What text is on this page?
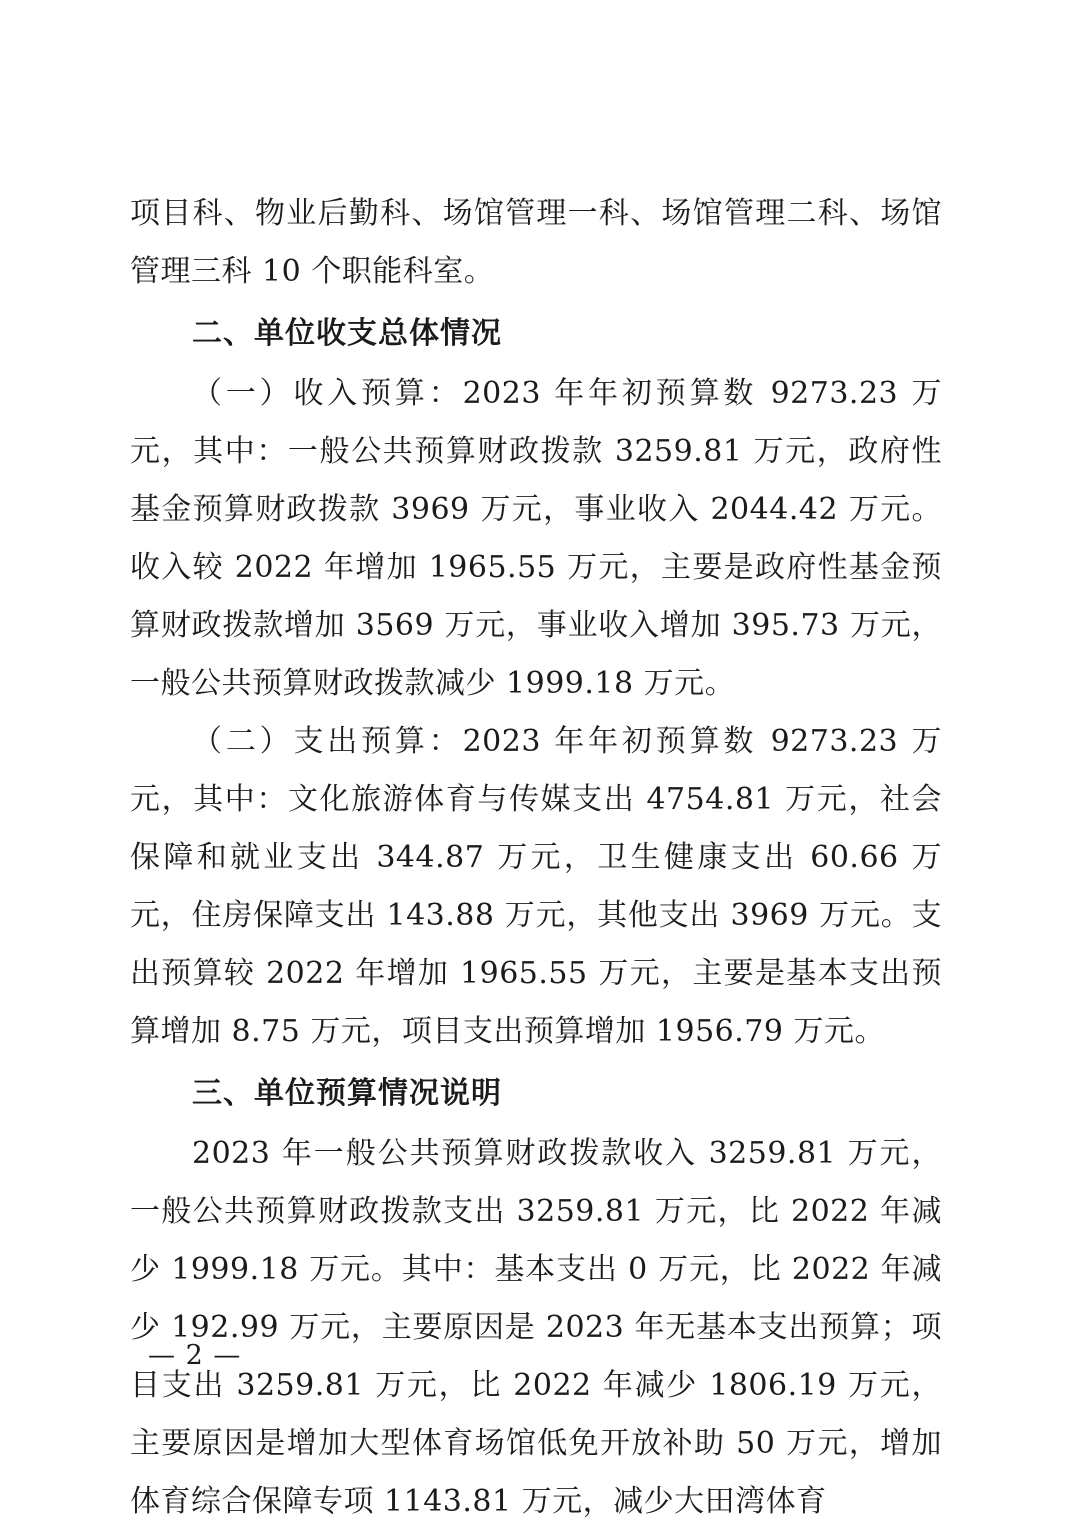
项目科、物业后勤科、场馆管理一科、场馆管理二科、场馆管理三科 10 个职能科室。

二、单位收支总体情况

（一）收入预算：2023 年年初预算数 9273.23 万元，其中：一般公共预算财政拨款 3259.81 万元，政府性基金预算财政拨款 3969 万元，事业收入 2044.42 万元。收入较 2022 年增加 1965.55 万元，主要是政府性基金预算财政拨款增加 3569 万元，事业收入增加 395.73 万元，一般公共预算财政拨款减少 1999.18 万元。

（二）支出预算：2023 年年初预算数 9273.23 万元，其中：文化旅游体育与传媒支出 4754.81 万元，社会保障和就业支出 344.87 万元，卫生健康支出 60.66 万元，住房保障支出 143.88 万元，其他支出 3969 万元。支出预算较 2022 年增加 1965.55 万元，主要是基本支出预算增加 8.75 万元，项目支出预算增加 1956.79 万元。

三、单位预算情况说明

2023 年一般公共预算财政拨款收入 3259.81 万元，一般公共预算财政拨款支出 3259.81 万元，比 2022 年减少 1999.18 万元。其中：基本支出 0 万元，比 2022 年减少 192.99 万元，主要原因是 2023 年无基本支出预算；项目支出 3259.81 万元，比 2022 年减少 1806.19 万元，主要原因是增加大型体育场馆低免开放补助 50 万元，增加体育综合保障专项 1143.81 万元，减少大田湾体育

— 2 —
